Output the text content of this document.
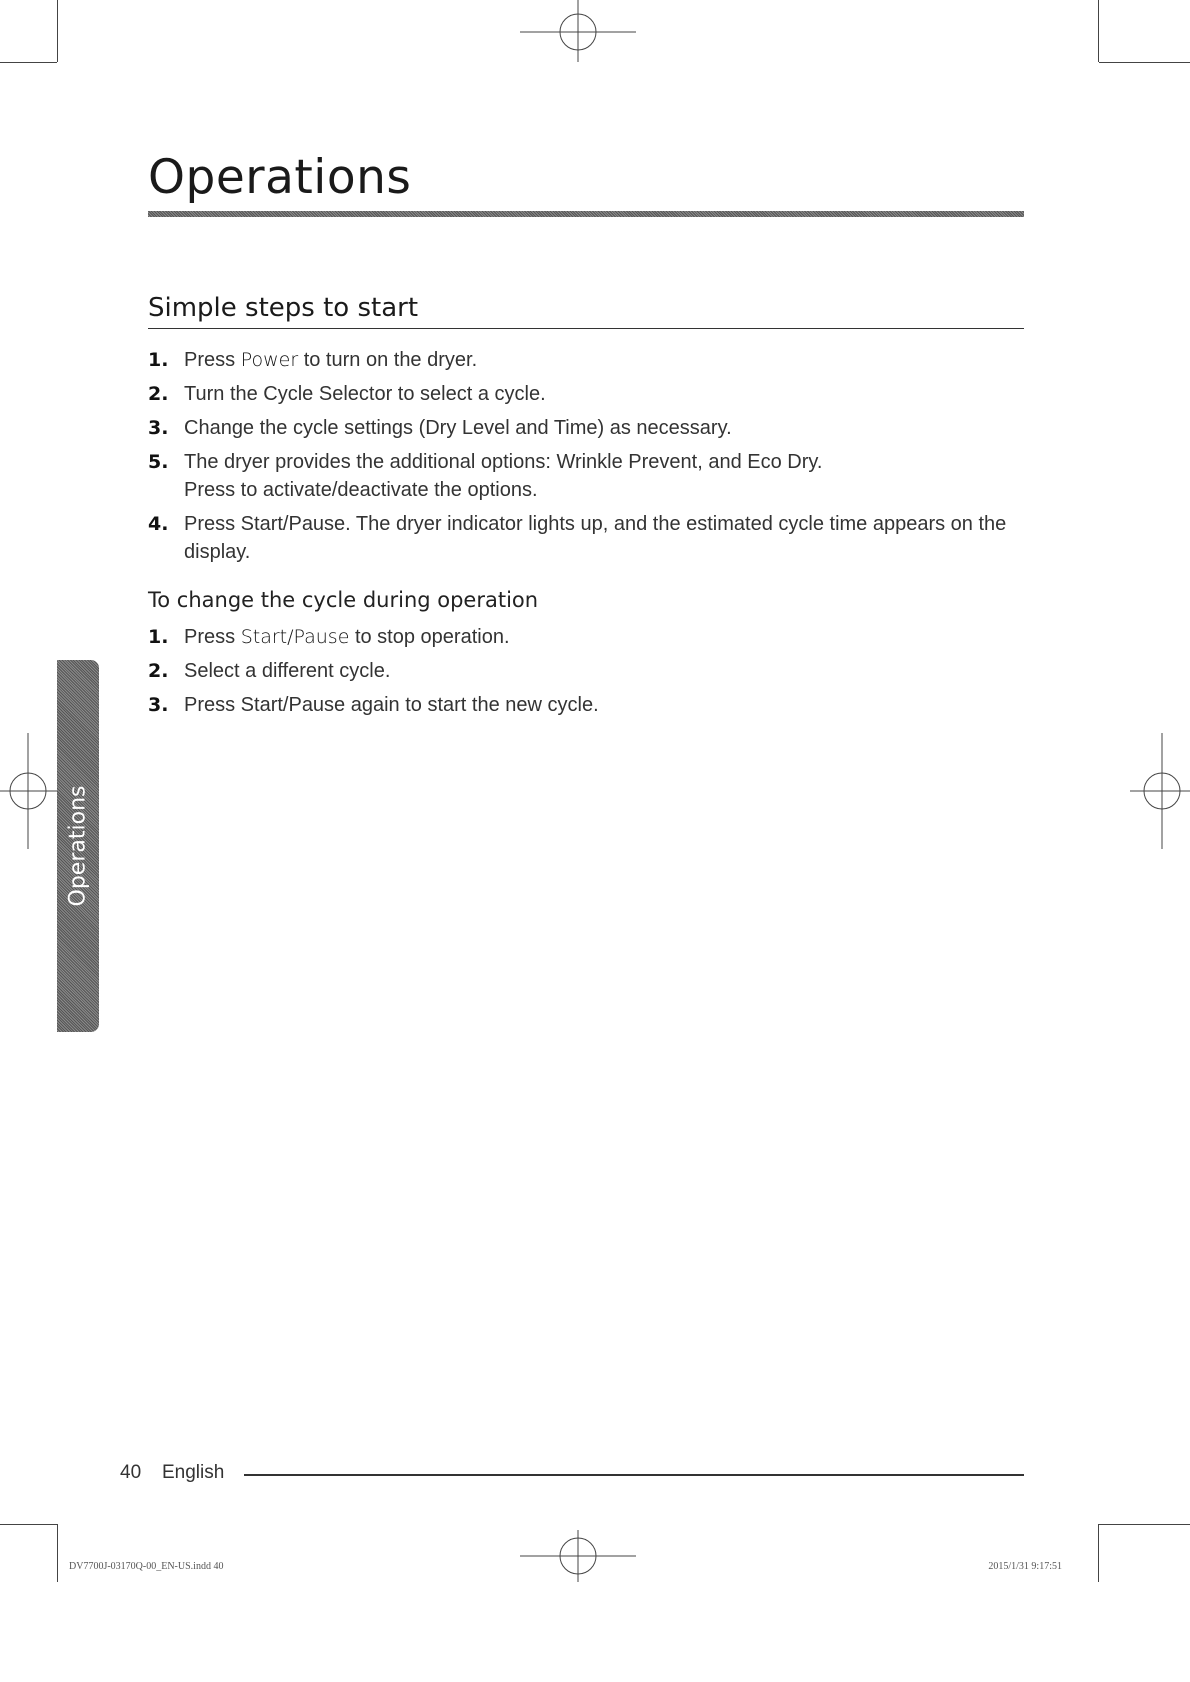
Operations
Simple steps to start
1. Press Power to turn on the dryer.
2. Turn the Cycle Selector to select a cycle.
3. Change the cycle settings (Dry Level and Time) as necessary.
5. The dryer provides the additional options: Wrinkle Prevent, and Eco Dry. Press to activate/deactivate the options.
4. Press Start/Pause. The dryer indicator lights up, and the estimated cycle time appears on the display.
To change the cycle during operation
1. Press Start/Pause to stop operation.
2. Select a different cycle.
3. Press Start/Pause again to start the new cycle.
Operations
40 English
DV7700J-03170Q-00_EN-US.indd 40	2015/1/31 9:17:51
